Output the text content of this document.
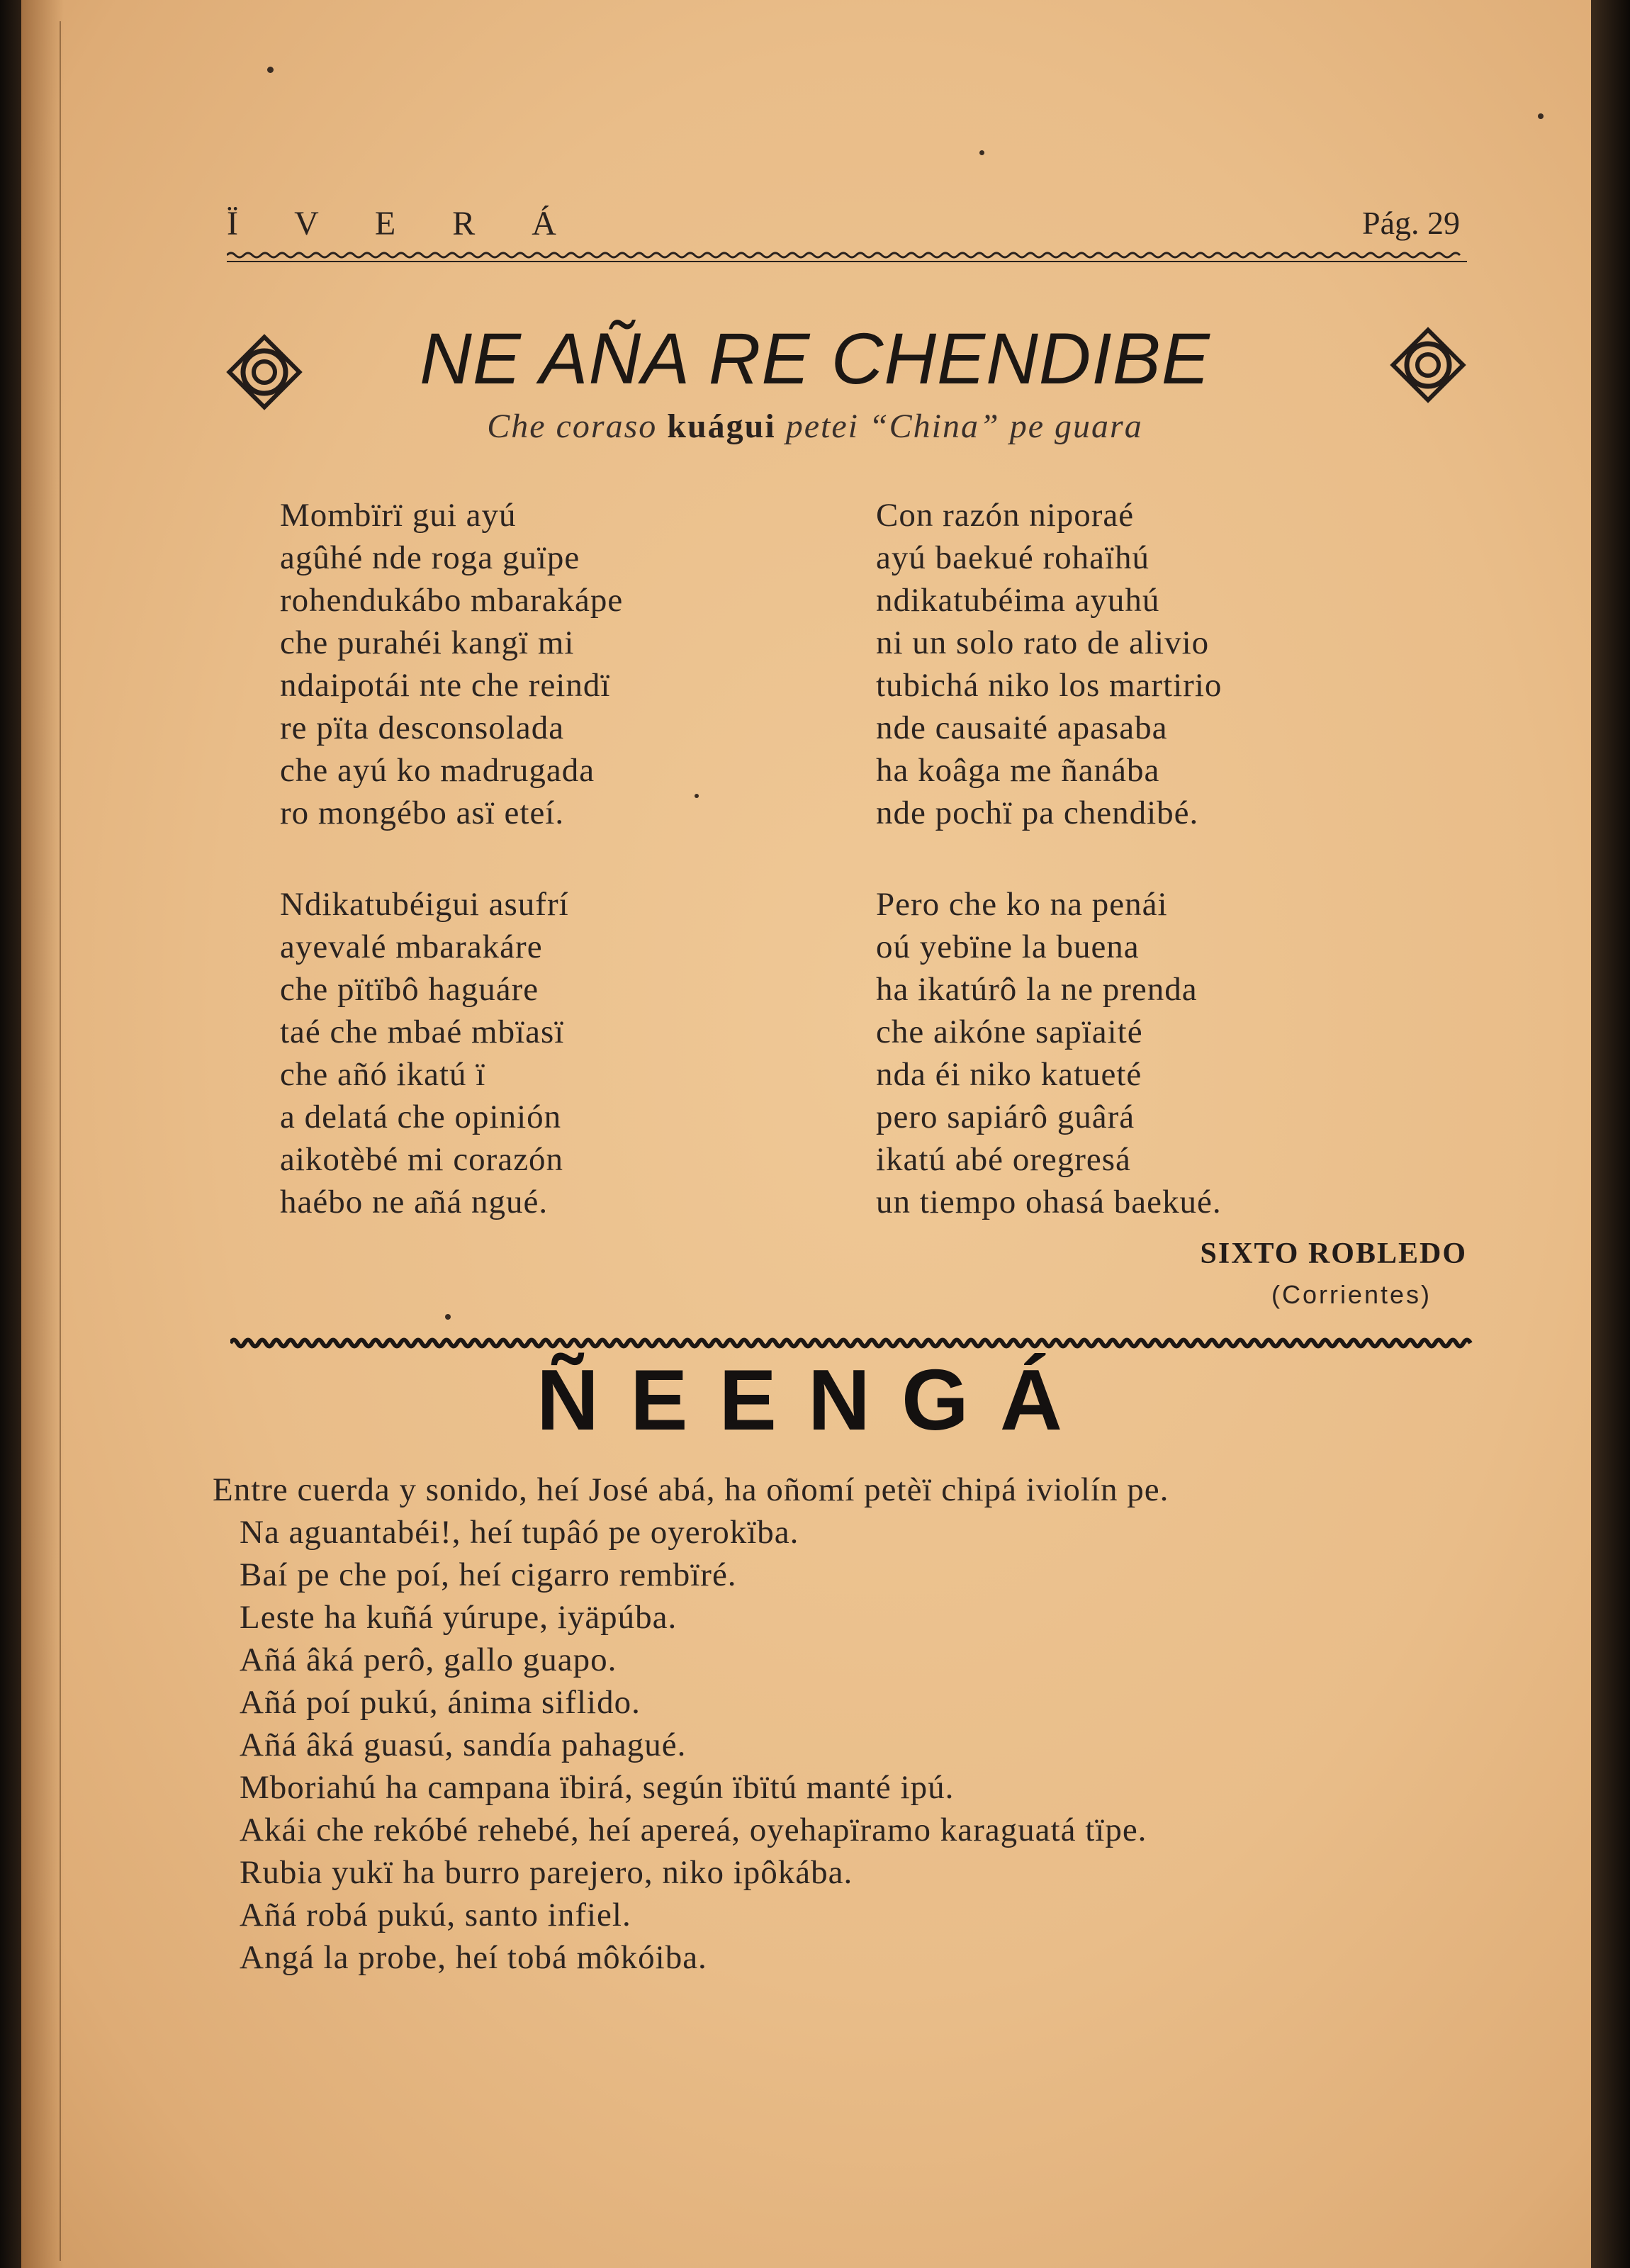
Ï V E R Á	Pág. 29
NE AÑA RE CHENDIBE
Che coraso kuágui petei “China” pe guara
Mombïrï gui ayú
agûhé nde roga guïpe
rohendukábo mbarakápe
che purahéi kangï mi
ndaipotái nte che reindï
re pïta desconsolada
che ayú ko madrugada
ro mongébo asï eteí.
Con razón niporaé
ayú baekué rohaïhú
ndikatubéima ayuhú
ni un solo rato de alivio
tubichá niko los martirio
nde causaité apasaba
ha koâga me ñanába
nde pochï pa chendibé.
Ndikatubéigui asufrí
ayevalé mbarakáre
che pïtïbô haguáre
taé che mbaé mbïasï
che añó ikatú ï
a delatá che opinión
aikotèbé mi corazón
haébo ne añá ngué.
Pero che ko na penái
oú yebïne la buena
ha ikatúrô la ne prenda
che aikóne sapïaité
nda éi niko katueté
pero sapiárô guârá
ikatú abé oregresá
un tiempo ohasá baekué.
SIXTO ROBLEDO
(Corrientes)
ÑEENGÁ
Entre cuerda y sonido, heí José abá, ha oñomí petèï chipá iviolín pe.
Na aguantabéi!, heí tupâó pe oyerokïba.
Baí pe che poí, heí cigarro rembïré.
Leste ha kuñá yúrupe, iyäpúba.
Añá âká perô, gallo guapo.
Añá poí pukú, ánima siflido.
Añá âká guasú, sandía pahagué.
Mboriahú ha campana ïbirá, según ïbïtú manté ipú.
Akái che rekóbé rehebé, heí apereá, oyehapïramo karaguatá tïpe.
Rubia yukï ha burro parejero, niko ipôkába.
Añá robá pukú, santo infiel.
Angá la probe, heí tobá môkóiba.
